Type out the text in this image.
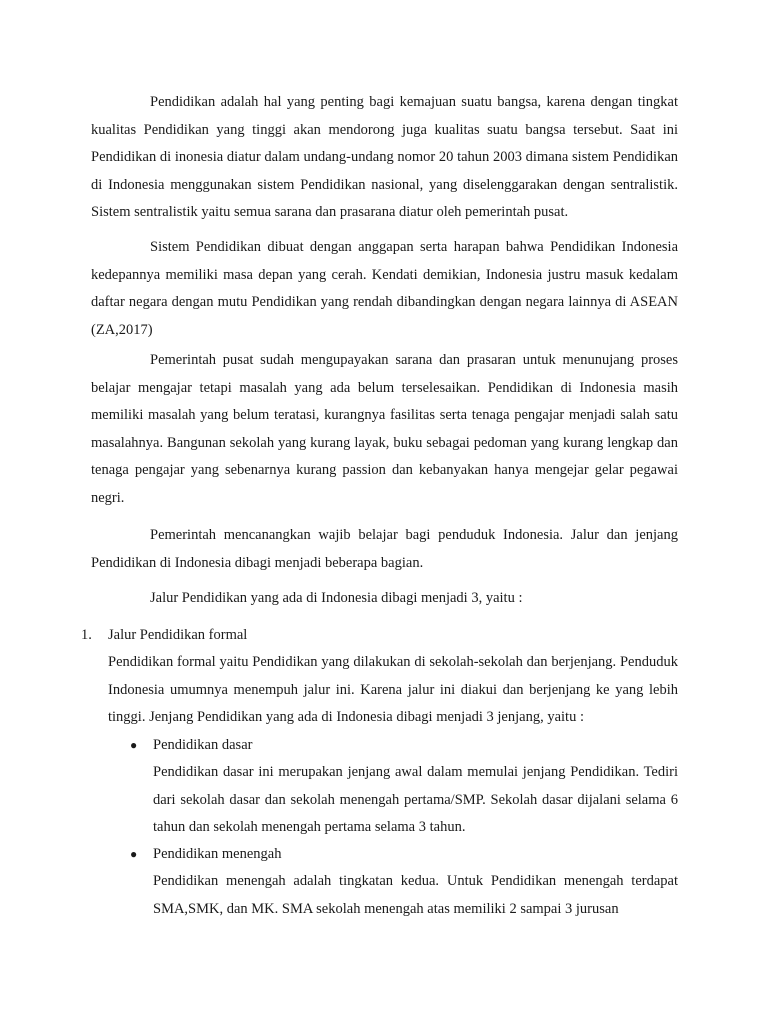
Pendidikan adalah hal yang penting bagi kemajuan suatu bangsa, karena dengan tingkat kualitas Pendidikan yang tinggi akan mendorong juga kualitas suatu bangsa tersebut. Saat ini Pendidikan di inonesia diatur dalam undang-undang nomor 20 tahun 2003 dimana sistem Pendidikan di Indonesia menggunakan sistem Pendidikan nasional, yang diselenggarakan dengan sentralistik. Sistem sentralistik yaitu semua sarana dan prasarana diatur oleh pemerintah pusat.

Sistem Pendidikan dibuat dengan anggapan serta harapan bahwa Pendidikan Indonesia kedepannya memiliki masa depan yang cerah. Kendati demikian, Indonesia justru masuk kedalam daftar negara dengan mutu Pendidikan yang rendah dibandingkan dengan negara lainnya di ASEAN (ZA,2017)

Pemerintah pusat sudah mengupayakan sarana dan prasaran untuk menunujang proses belajar mengajar tetapi masalah yang ada belum terselesaikan. Pendidikan di Indonesia masih memiliki masalah yang belum teratasi, kurangnya fasilitas serta tenaga pengajar menjadi salah satu masalahnya. Bangunan sekolah yang kurang layak, buku sebagai pedoman yang kurang lengkap dan tenaga pengajar yang sebenarnya kurang passion dan kebanyakan hanya mengejar gelar pegawai negri.

Pemerintah mencanangkan wajib belajar bagi penduduk Indonesia. Jalur dan jenjang Pendidikan di Indonesia dibagi menjadi beberapa bagian.

Jalur Pendidikan yang ada di Indonesia dibagi menjadi 3, yaitu :

1.	Jalur Pendidikan formal

Pendidikan formal yaitu Pendidikan yang dilakukan di sekolah-sekolah dan berjenjang. Penduduk Indonesia umumnya menempuh jalur ini. Karena jalur ini diakui dan berjenjang ke yang lebih tinggi. Jenjang Pendidikan yang ada di Indonesia dibagi menjadi 3 jenjang, yaitu :

● Pendidikan dasar

Pendidikan dasar ini merupakan jenjang awal dalam memulai jenjang Pendidikan. Tediri dari sekolah dasar dan sekolah menengah pertama/SMP. Sekolah dasar dijalani selama 6 tahun dan sekolah menengah pertama selama 3 tahun.

● Pendidikan menengah

Pendidikan menengah adalah tingkatan kedua. Untuk Pendidikan menengah terdapat SMA,SMK, dan MK. SMA sekolah menengah atas memiliki 2 sampai 3 jurusan
